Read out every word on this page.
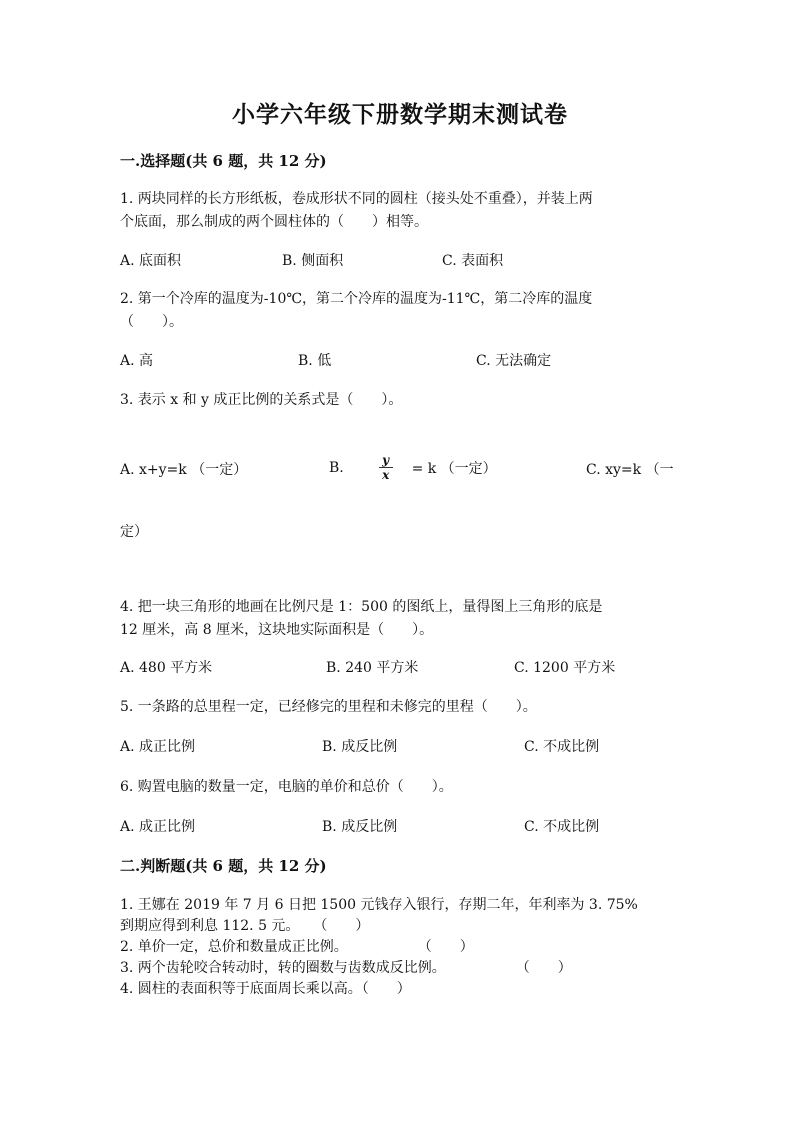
小学六年级下册数学期末测试卷
一.选择题(共 6 题，共 12 分)
1. 两块同样的长方形纸板，卷成形状不同的圆柱（接头处不重叠），并装上两
个底面，那么制成的两个圆柱体的（　　）相等。
A. 底面积	B. 侧面积	C. 表面积
2. 第一个冷库的温度为-10℃，第二个冷库的温度为-11℃，第二冷库的温度
（　　）。
A. 高	B. 低	C. 无法确定
3. 表示 x 和 y 成正比例的关系式是（　　）。
A. x+y=k （一定）	B.	$\frac{y}{x} = k$ （一定）	C. xy=k （一
定）
4. 把一块三角形的地画在比例尺是 1：500 的图纸上，量得图上三角形的底是
12 厘米，高 8 厘米，这块地实际面积是（　　）。
A. 480 平方米	B. 240 平方米	C. 1200 平方米
5. 一条路的总里程一定，已经修完的里程和未修完的里程（　　）。
A. 成正比例	B. 成反比例	C. 不成比例
6. 购置电脑的数量一定，电脑的单价和总价（　　）。
A. 成正比例	B. 成反比例	C. 不成比例
二.判断题(共 6 题，共 12 分)
1. 王娜在 2019 年 7 月 6 日把 1500 元钱存入银行，存期二年，年利率为 3. 75%
到期应得到利息 112. 5 元。　　（　　）
2. 单价一定，总价和数量成正比例。　　　　　　（　　）
3. 两个齿轮咬合转动时，转的圈数与齿数成反比例。　　　　　　（　　）
4. 圆柱的表面积等于底面周长乘以高。（　　）
